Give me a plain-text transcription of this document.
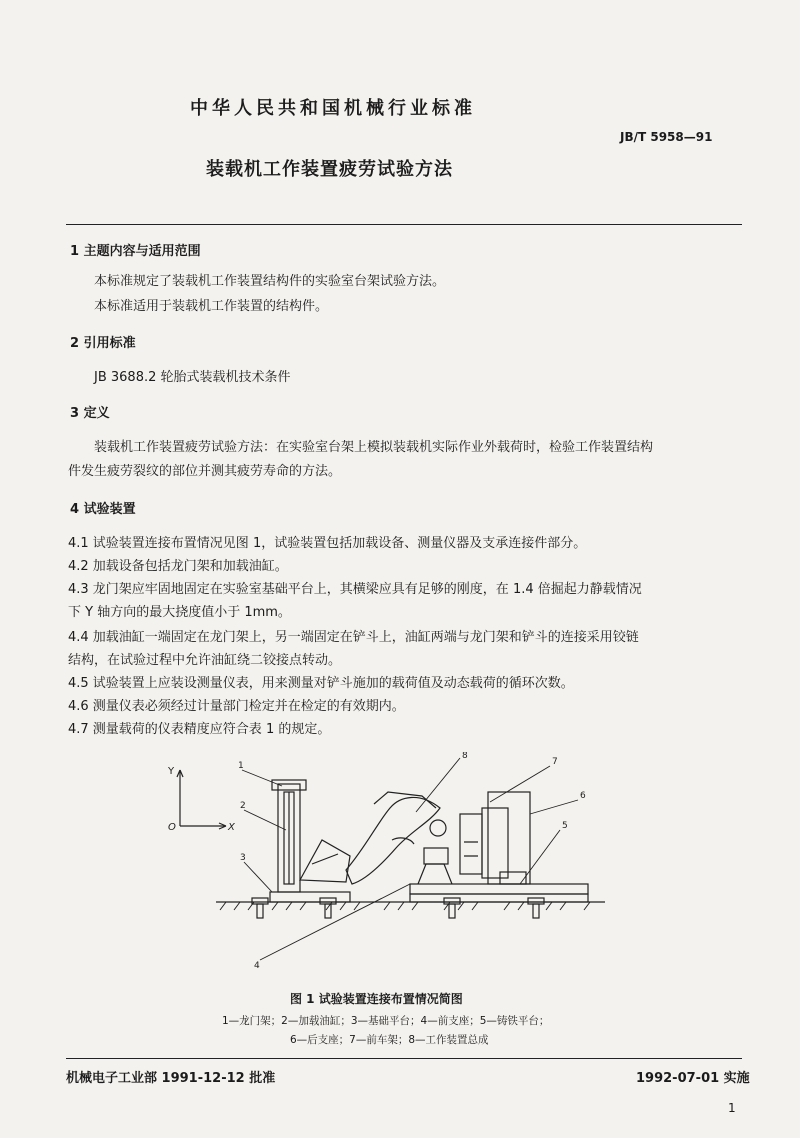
中华人民共和国机械行业标准
JB/T 5958—91
装载机工作装置疲劳试验方法
1 主题内容与适用范围
本标准规定了装载机工作装置结构件的实验室台架试验方法。
本标准适用于装载机工作装置的结构件。
2 引用标准
JB 3688.2 轮胎式装载机技术条件
3 定义
装载机工作装置疲劳试验方法：在实验室台架上模拟装载机实际作业外载荷时，检验工作装置结构
件发生疲劳裂纹的部位并测其疲劳寿命的方法。
4 试验装置
4.1 试验装置连接布置情况见图 1，试验装置包括加载设备、测量仪器及支承连接件部分。
4.2 加载设备包括龙门架和加载油缸。
4.3 龙门架应牢固地固定在实验室基础平台上，其横梁应具有足够的刚度，在 1.4 倍掘起力静载情况
下 Y 轴方向的最大挠度值小于 1mm。
4.4 加载油缸一端固定在龙门架上，另一端固定在铲斗上，油缸两端与龙门架和铲斗的连接采用铰链
结构，在试验过程中允许油缸绕二铰接点转动。
4.5 试验装置上应装设测量仪表，用来测量对铲斗施加的载荷值及动态载荷的循环次数。
4.6 测量仪表必须经过计量部门检定并在检定的有效期内。
4.7 测量载荷的仪表精度应符合表 1 的规定。
Y
X
O
1
2
3
4
5
6
7
8
图 1 试验装置连接布置情况简图
1—龙门架；2—加载油缸；3—基础平台；4—前支座；5—铸铁平台；
6—后支座；7—前车架；8—工作装置总成
机械电子工业部 1991-12-12 批准	1992-07-01 实施
1
